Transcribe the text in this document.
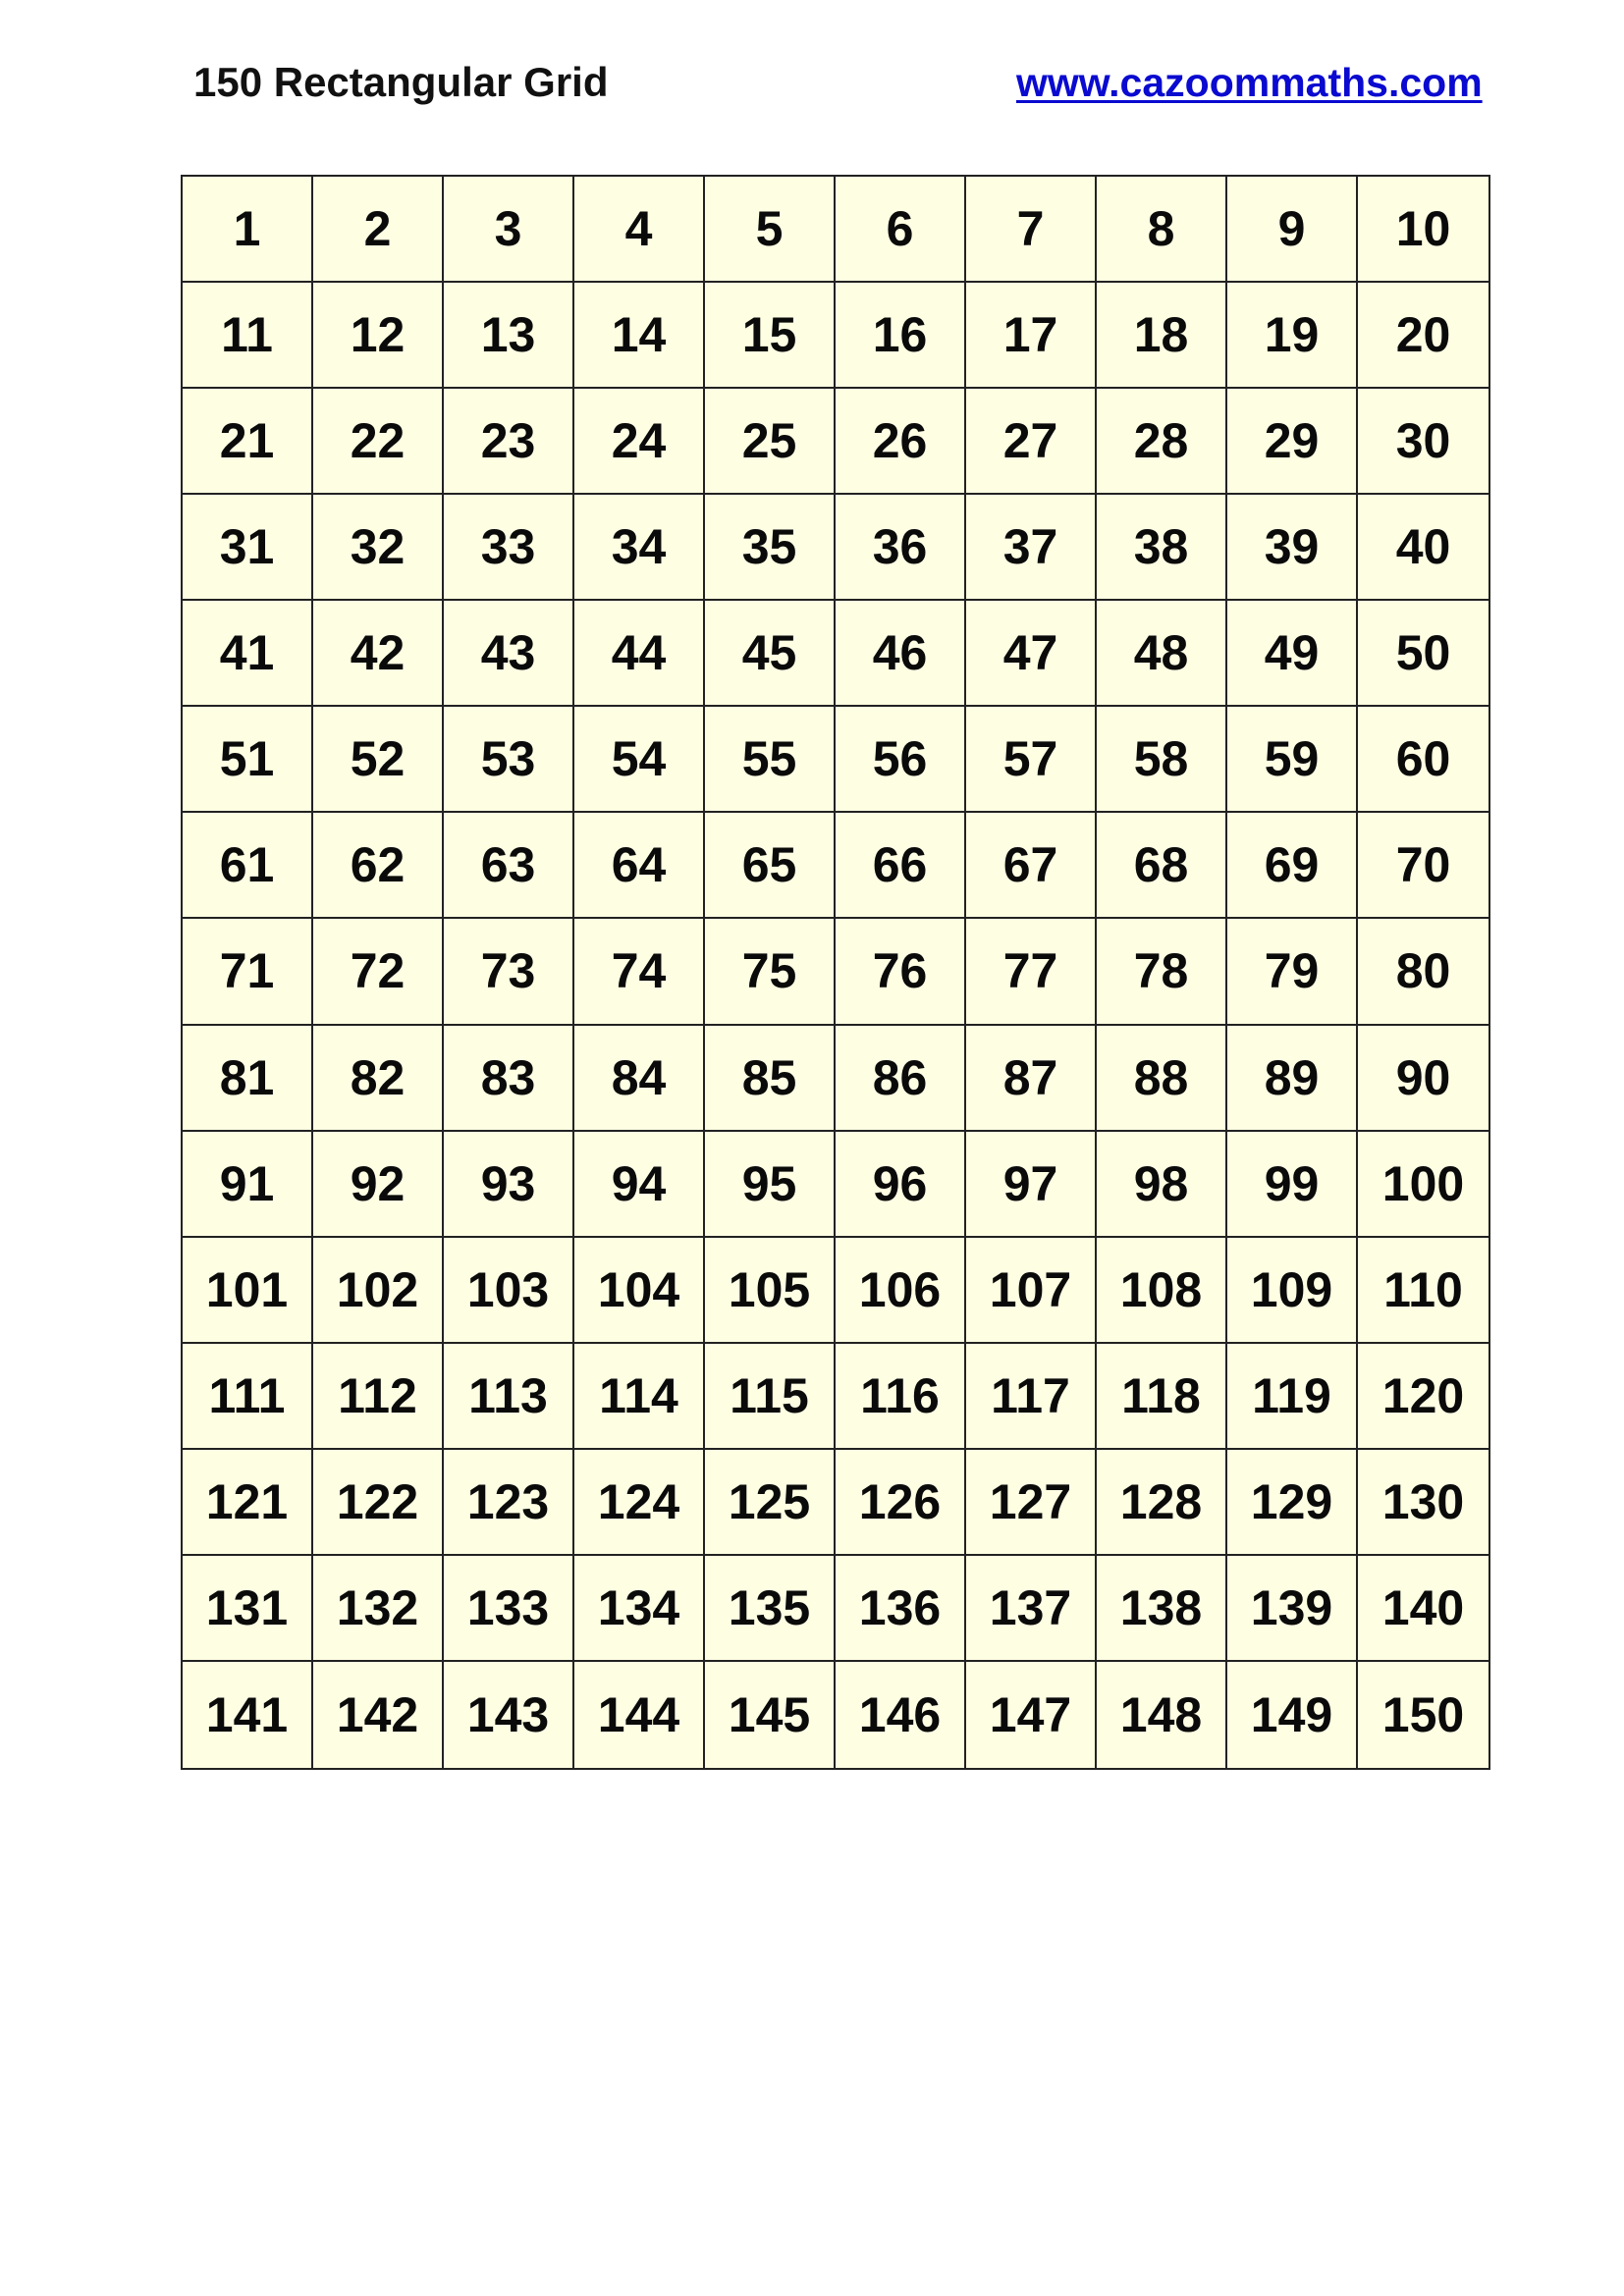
150 Rectangular Grid	www.cazoommaths.com
1	2	3	4	5	6	7	8	9	10
11	12	13	14	15	16	17	18	19	20
21	22	23	24	25	26	27	28	29	30
31	32	33	34	35	36	37	38	39	40
41	42	43	44	45	46	47	48	49	50
51	52	53	54	55	56	57	58	59	60
61	62	63	64	65	66	67	68	69	70
71	72	73	74	75	76	77	78	79	80
81	82	83	84	85	86	87	88	89	90
91	92	93	94	95	96	97	98	99	100
101 102 103 104 105 106 107 108 109	110
111	112	113	114	115	116	117	118	119	120
121 122 123 124 125 126 127 128 129	130
131 132 133 134 135 136 137 138 139	140
141 142 143 144 145 146 147 148 149	150
